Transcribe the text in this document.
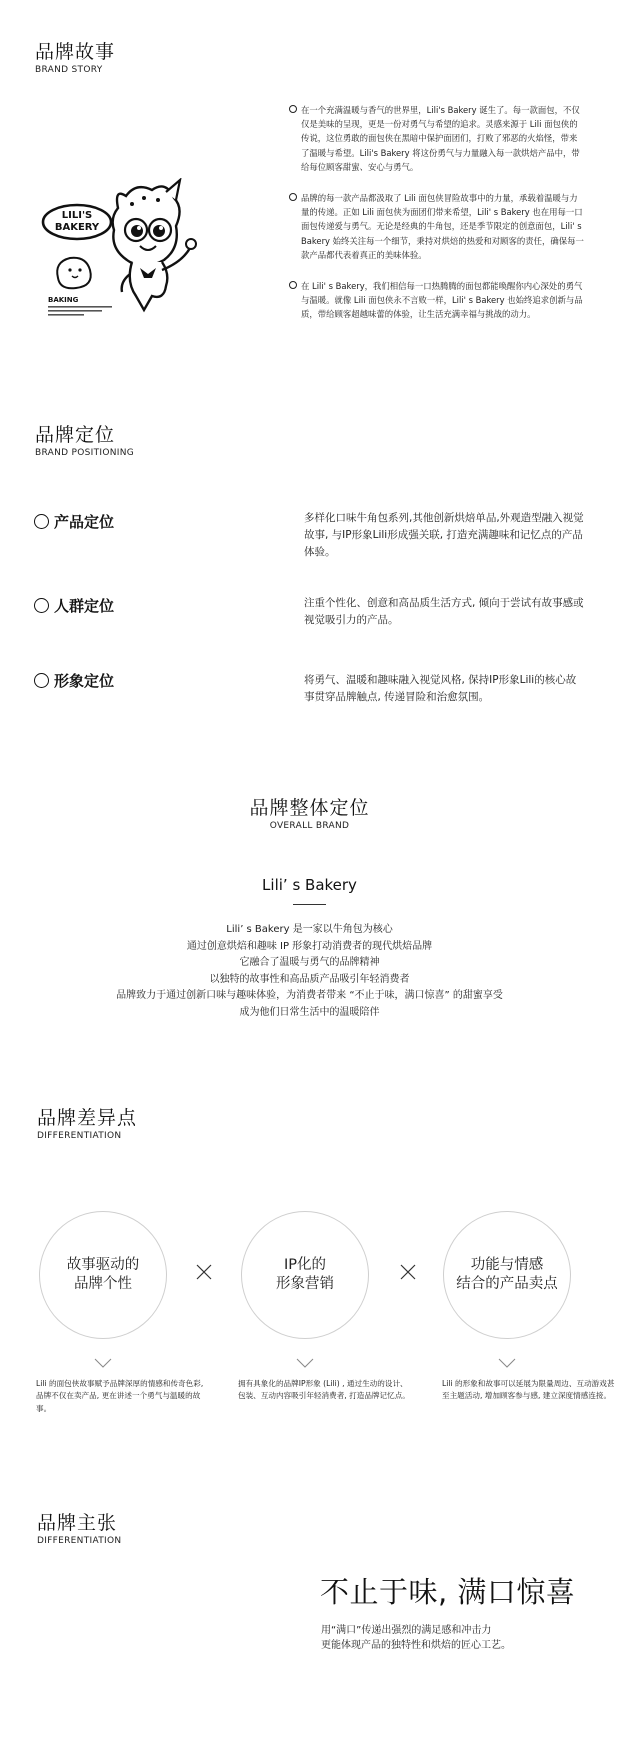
品牌故事
BRAND STORY
LILI'S
BAKERY
BAKING
在一个充满温暖与香气的世界里，Lili's Bakery 诞生了。每一款面包，不仅仅是美味的呈现，更是一份对勇气与希望的追求。灵感来源于 Lili 面包侠的传说，这位勇敢的面包侠在黑暗中保护面团们，打败了邪恶的火焰怪，带来了温暖与希望。Lili's Bakery 将这份勇气与力量融入每一款烘焙产品中，带给每位顾客甜蜜、安心与勇气。
品牌的每一款产品都汲取了 Lili 面包侠冒险故事中的力量，承载着温暖与力量的传递。正如 Lili 面包侠为面团们带来希望，Lili' s Bakery 也在用每一口面包传递爱与勇气。无论是经典的牛角包，还是季节限定的创意面包，Lili' s Bakery 始终关注每一个细节，秉持对烘焙的热爱和对顾客的责任，确保每一款产品都代表着真正的美味体验。
在 Lili' s Bakery，我们相信每一口热腾腾的面包都能唤醒你内心深处的勇气与温暖。就像 Lili 面包侠永不言败一样，Lili' s Bakery 也始终追求创新与品质，带给顾客超越味蕾的体验，让生活充满幸福与挑战的动力。
品牌定位
BRAND POSITIONING
产品定位	多样化口味牛角包系列,其他创新烘焙单品,外观造型融入视觉故事, 与IP形象Lili形成强关联, 打造充满趣味和记忆点的产品体验。
人群定位	注重个性化、创意和高品质生活方式, 倾向于尝试有故事感或视觉吸引力的产品。
形象定位	将勇气、温暖和趣味融入视觉风格, 保持IP形象Lili的核心故事贯穿品牌触点, 传递冒险和治愈氛围。
品牌整体定位
OVERALL BRAND
Lili’ s Bakery
Lili’ s Bakery 是一家以牛角包为核心
通过创意烘焙和趣味 IP 形象打动消费者的现代烘焙品牌
它融合了温暖与勇气的品牌精神
以独特的故事性和高品质产品吸引年轻消费者
品牌致力于通过创新口味与趣味体验，为消费者带来 “不止于味，满口惊喜” 的甜蜜享受
成为他们日常生活中的温暖陪伴
品牌差异点
DIFFERENTIATION
故事驱动的
品牌个性
IP化的
形象营销
功能与情感
结合的产品卖点
Lili 的面包侠故事赋予品牌深厚的情感和传奇色彩, 品牌不仅在卖产品, 更在讲述一个勇气与温暖的故事。
拥有具象化的品牌IP形象 (Lili) , 通过生动的设计、包装、互动内容吸引年轻消费者, 打造品牌记忆点。
Lili 的形象和故事可以延展为限量周边、互动游戏甚至主题活动, 增加顾客参与感, 建立深度情感连接。
品牌主张
DIFFERENTIATION
不止于味, 满口惊喜
用“满口”传递出强烈的满足感和冲击力
更能体现产品的独特性和烘焙的匠心工艺。
